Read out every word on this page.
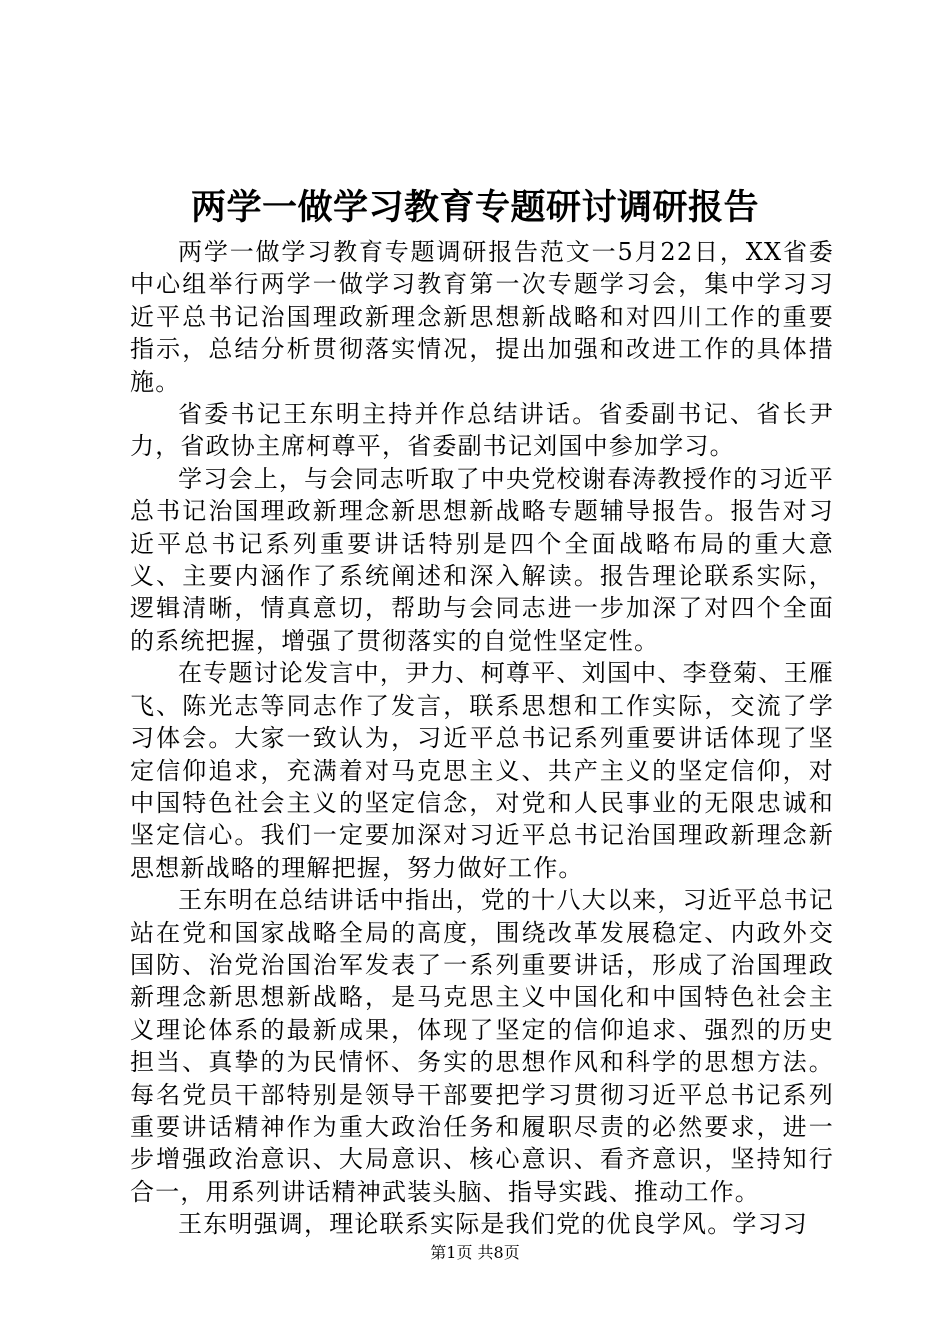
两学一做学习教育专题研讨调研报告

两学一做学习教育专题调研报告范文一5月22日，XX省委中心组举行两学一做学习教育第一次专题学习会，集中学习习近平总书记治国理政新理念新思想新战略和对四川工作的重要指示，总结分析贯彻落实情况，提出加强和改进工作的具体措施。

省委书记王东明主持并作总结讲话。省委副书记、省长尹力，省政协主席柯尊平，省委副书记刘国中参加学习。

学习会上，与会同志听取了中央党校谢春涛教授作的习近平总书记治国理政新理念新思想新战略专题辅导报告。报告对习近平总书记系列重要讲话特别是四个全面战略布局的重大意义、主要内涵作了系统阐述和深入解读。报告理论联系实际，逻辑清晰，情真意切，帮助与会同志进一步加深了对四个全面的系统把握，增强了贯彻落实的自觉性坚定性。

在专题讨论发言中，尹力、柯尊平、刘国中、李登菊、王雁飞、陈光志等同志作了发言，联系思想和工作实际，交流了学习体会。大家一致认为，习近平总书记系列重要讲话体现了坚定信仰追求，充满着对马克思主义、共产主义的坚定信仰，对中国特色社会主义的坚定信念，对党和人民事业的无限忠诚和坚定信心。我们一定要加深对习近平总书记治国理政新理念新思想新战略的理解把握，努力做好工作。

王东明在总结讲话中指出，党的十八大以来，习近平总书记站在党和国家战略全局的高度，围绕改革发展稳定、内政外交国防、治党治国治军发表了一系列重要讲话，形成了治国理政新理念新思想新战略，是马克思主义中国化和中国特色社会主义理论体系的最新成果，体现了坚定的信仰追求、强烈的历史担当、真挚的为民情怀、务实的思想作风和科学的思想方法。每名党员干部特别是领导干部要把学习贯彻习近平总书记系列重要讲话精神作为重大政治任务和履职尽责的必然要求，进一步增强政治意识、大局意识、核心意识、看齐意识，坚持知行合一，用系列讲话精神武装头脑、指导实践、推动工作。

王东明强调，理论联系实际是我们党的优良学风。学习习

第1页 共8页
